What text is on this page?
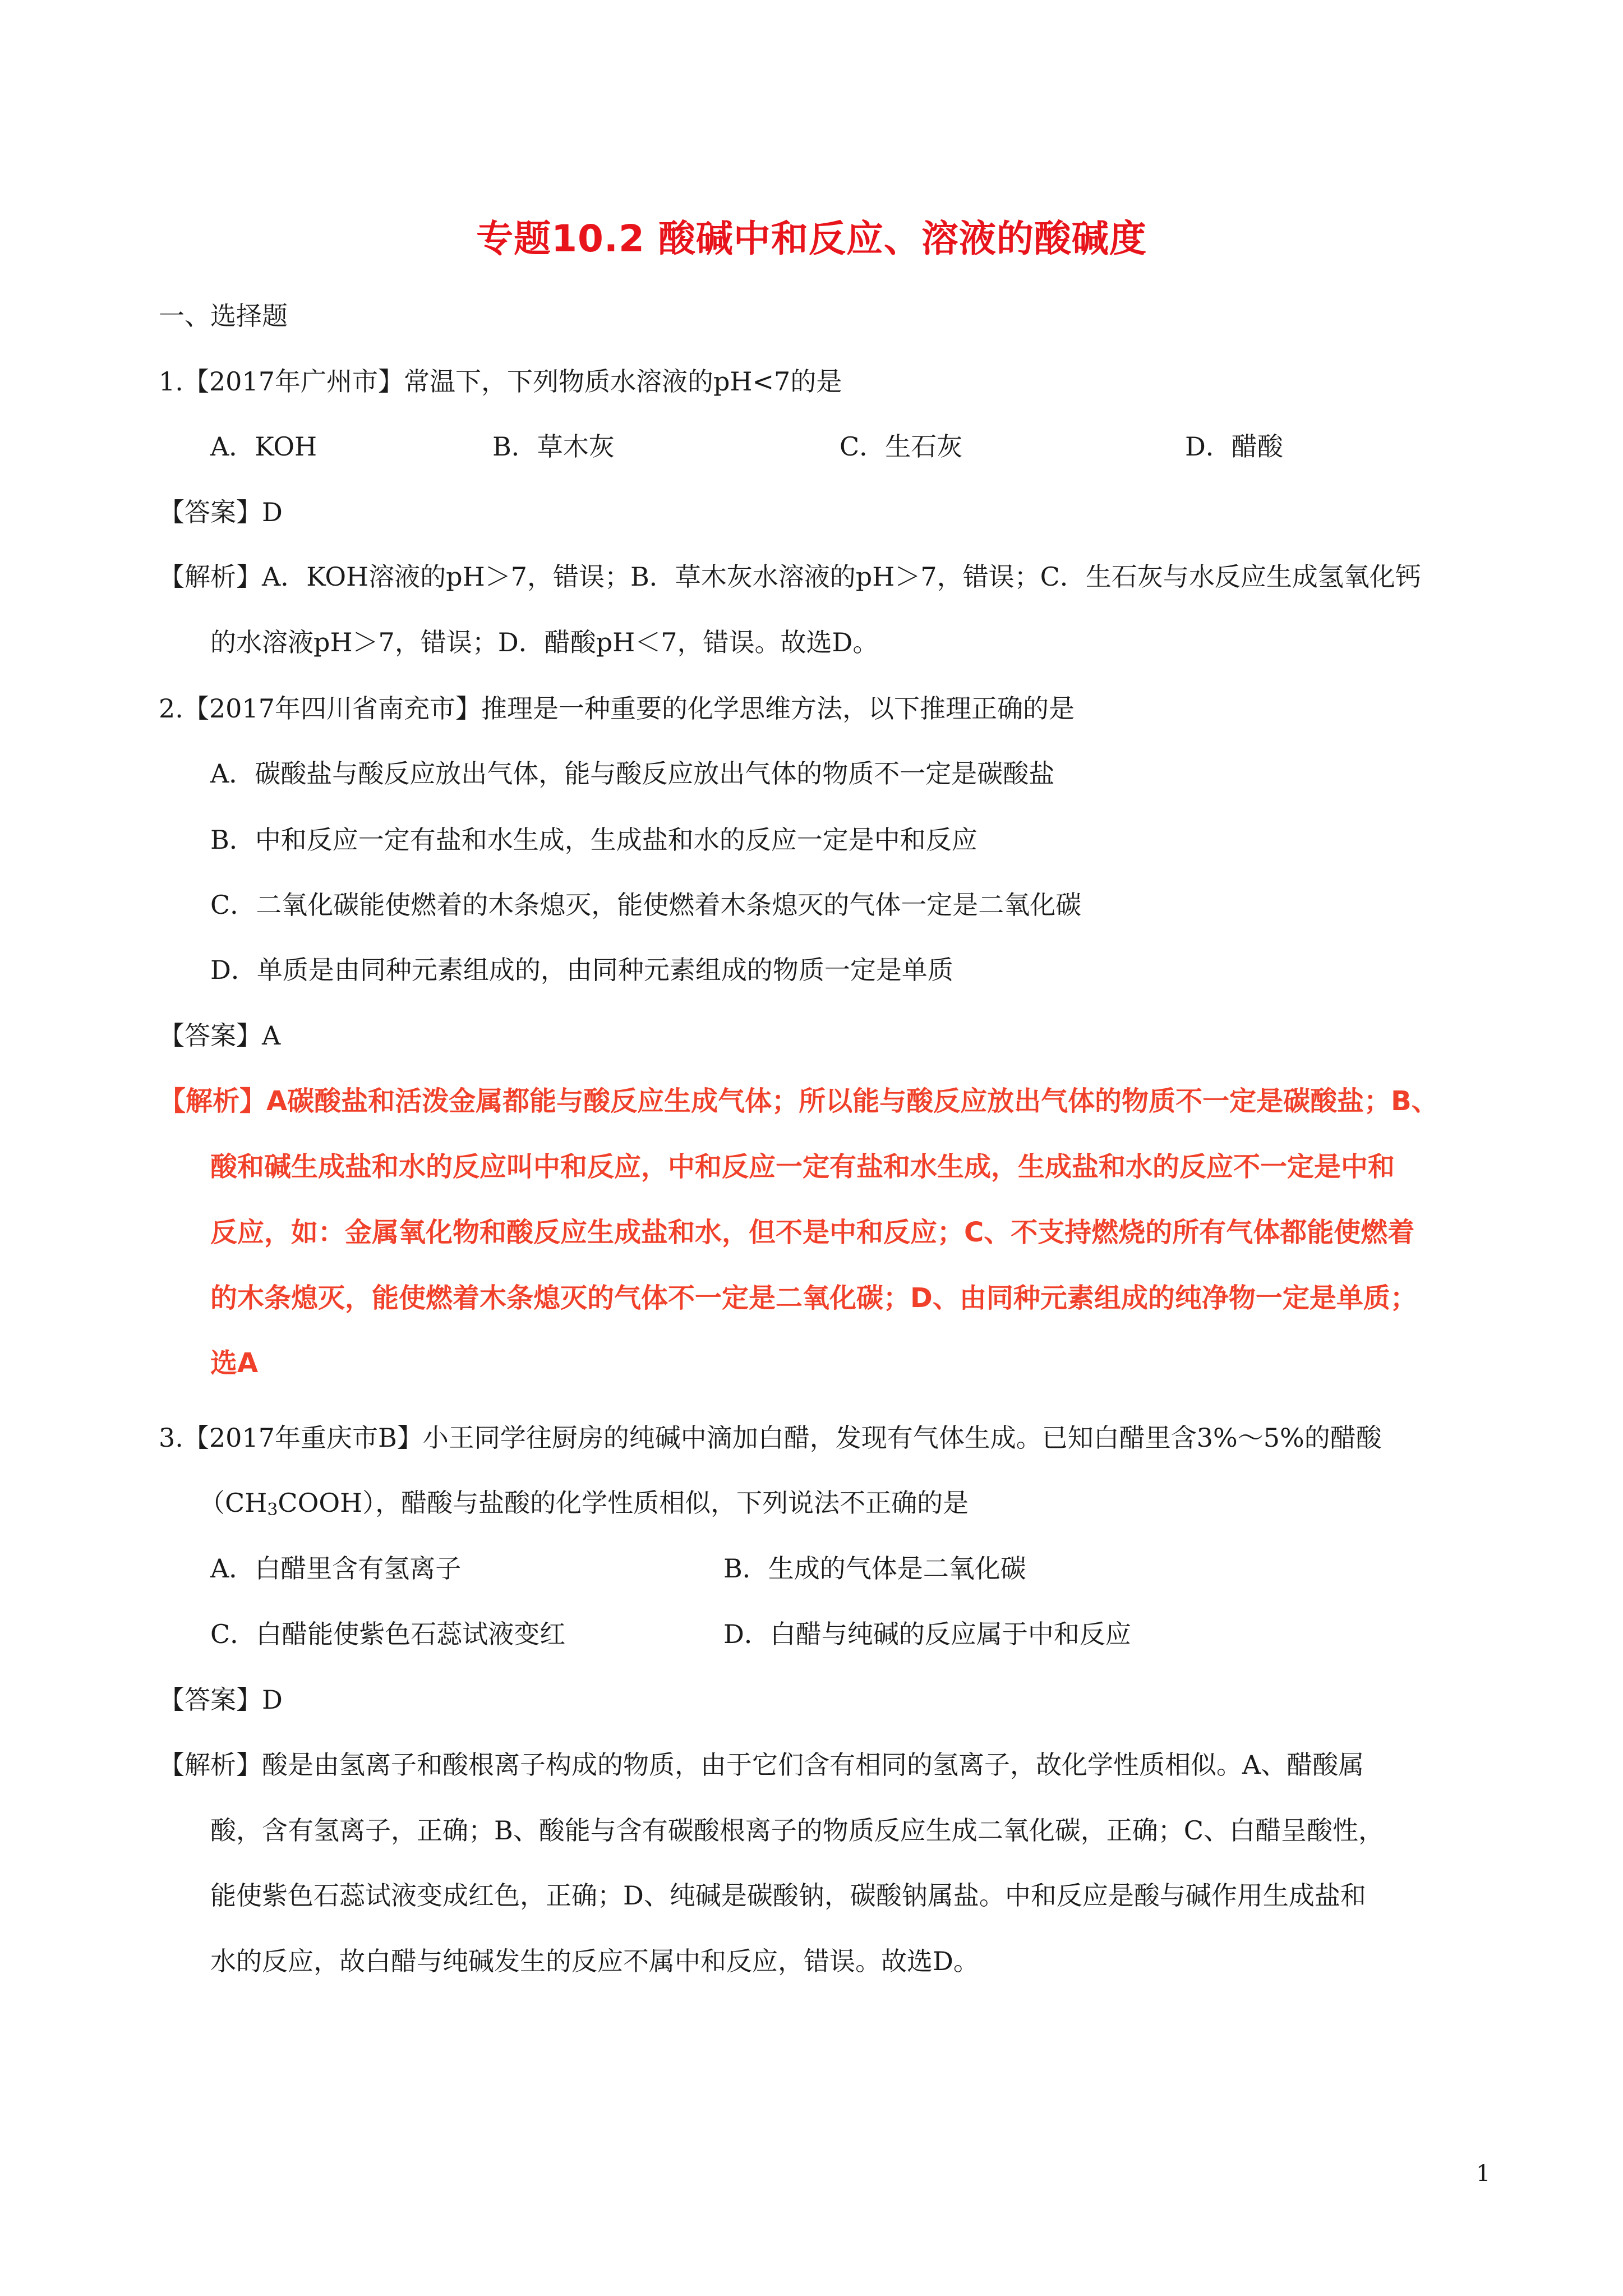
专题10.2 酸碱中和反应、溶液的酸碱度
一、选择题
1.【2017年广州市】常温下，下列物质水溶液的pH<7的是
A．KOH	B．草木灰	C．生石灰	D．醋酸
【答案】D
【解析】A．KOH溶液的pH＞7，错误；B．草木灰水溶液的pH＞7，错误；C．生石灰与水反应生成氢氧化钙
的水溶液pH＞7，错误；D．醋酸pH＜7，错误。故选D。
2.【2017年四川省南充市】推理是一种重要的化学思维方法，以下推理正确的是
A．碳酸盐与酸反应放出气体，能与酸反应放出气体的物质不一定是碳酸盐
B．中和反应一定有盐和水生成，生成盐和水的反应一定是中和反应
C．二氧化碳能使燃着的木条熄灭，能使燃着木条熄灭的气体一定是二氧化碳
D．单质是由同种元素组成的，由同种元素组成的物质一定是单质
【答案】A
【解析】A碳酸盐和活泼金属都能与酸反应生成气体；所以能与酸反应放出气体的物质不一定是碳酸盐；B、
酸和碱生成盐和水的反应叫中和反应，中和反应一定有盐和水生成，生成盐和水的反应不一定是中和
反应，如：金属氧化物和酸反应生成盐和水，但不是中和反应；C、不支持燃烧的所有气体都能使燃着
的木条熄灭，能使燃着木条熄灭的气体不一定是二氧化碳；D、由同种元素组成的纯净物一定是单质；
选A
3.【2017年重庆市B】小王同学往厨房的纯碱中滴加白醋，发现有气体生成。已知白醋里含3%～5%的醋酸
$(CH_3COOH)$，醋酸与盐酸的化学性质相似，下列说法不正确的是
A．白醋里含有氢离子	B．生成的气体是二氧化碳
C．白醋能使紫色石蕊试液变红	D．白醋与纯碱的反应属于中和反应
【答案】D
【解析】酸是由氢离子和酸根离子构成的物质，由于它们含有相同的氢离子，故化学性质相似。A、醋酸属
酸，含有氢离子，正确；B、酸能与含有碳酸根离子的物质反应生成二氧化碳，正确；C、白醋呈酸性，
能使紫色石蕊试液变成红色，正确；D、纯碱是碳酸钠，碳酸钠属盐。中和反应是酸与碱作用生成盐和
水的反应，故白醋与纯碱发生的反应不属中和反应，错误。故选D。
1
